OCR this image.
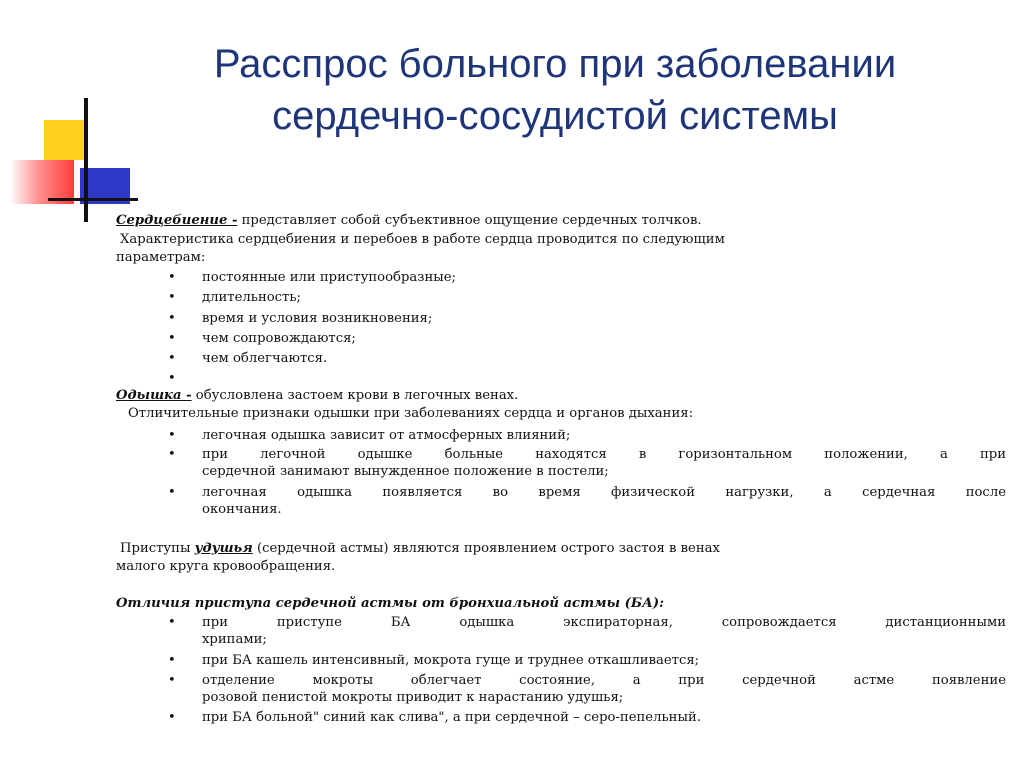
Расспрос больного при заболевании
сердечно-сосудистой системы
Сердцебиение - представляет собой субъективное ощущение сердечных толчков.
Характеристика сердцебиения и перебоев в работе сердца проводится по следующим
параметрам:
• постоянные или приступообразные;
• длительность;
• время и условия возникновения;
• чем сопровождаются;
• чем облегчаются.
•
Одышка - обусловлена застоем крови в легочных венах.
Отличительные признаки одышки при заболеваниях сердца и органов дыхания:
• легочная одышка зависит от атмосферных влияний;
• при легочной одышке больные находятся в горизонтальном положении, а при
сердечной занимают вынужденное положение в постели;
• легочная одышка появляется во время физической нагрузки, а сердечная после
окончания.
Приступы удушья (сердечной астмы) являются проявлением острого застоя в венах
малого круга кровообращения.
Отличия приступа сердечной астмы от бронхиальной астмы (БА):
• при приступе БА одышка экспираторная, сопровождается дистанционными
хрипами;
• при БА кашель интенсивный, мокрота гуще и труднее откашливается;
• отделение мокроты облегчает состояние, а при сердечной астме появление
розовой пенистой мокроты приводит к нарастанию удушья;
• при БА больной" синий как слива", а при сердечной – серо-пепельный.
